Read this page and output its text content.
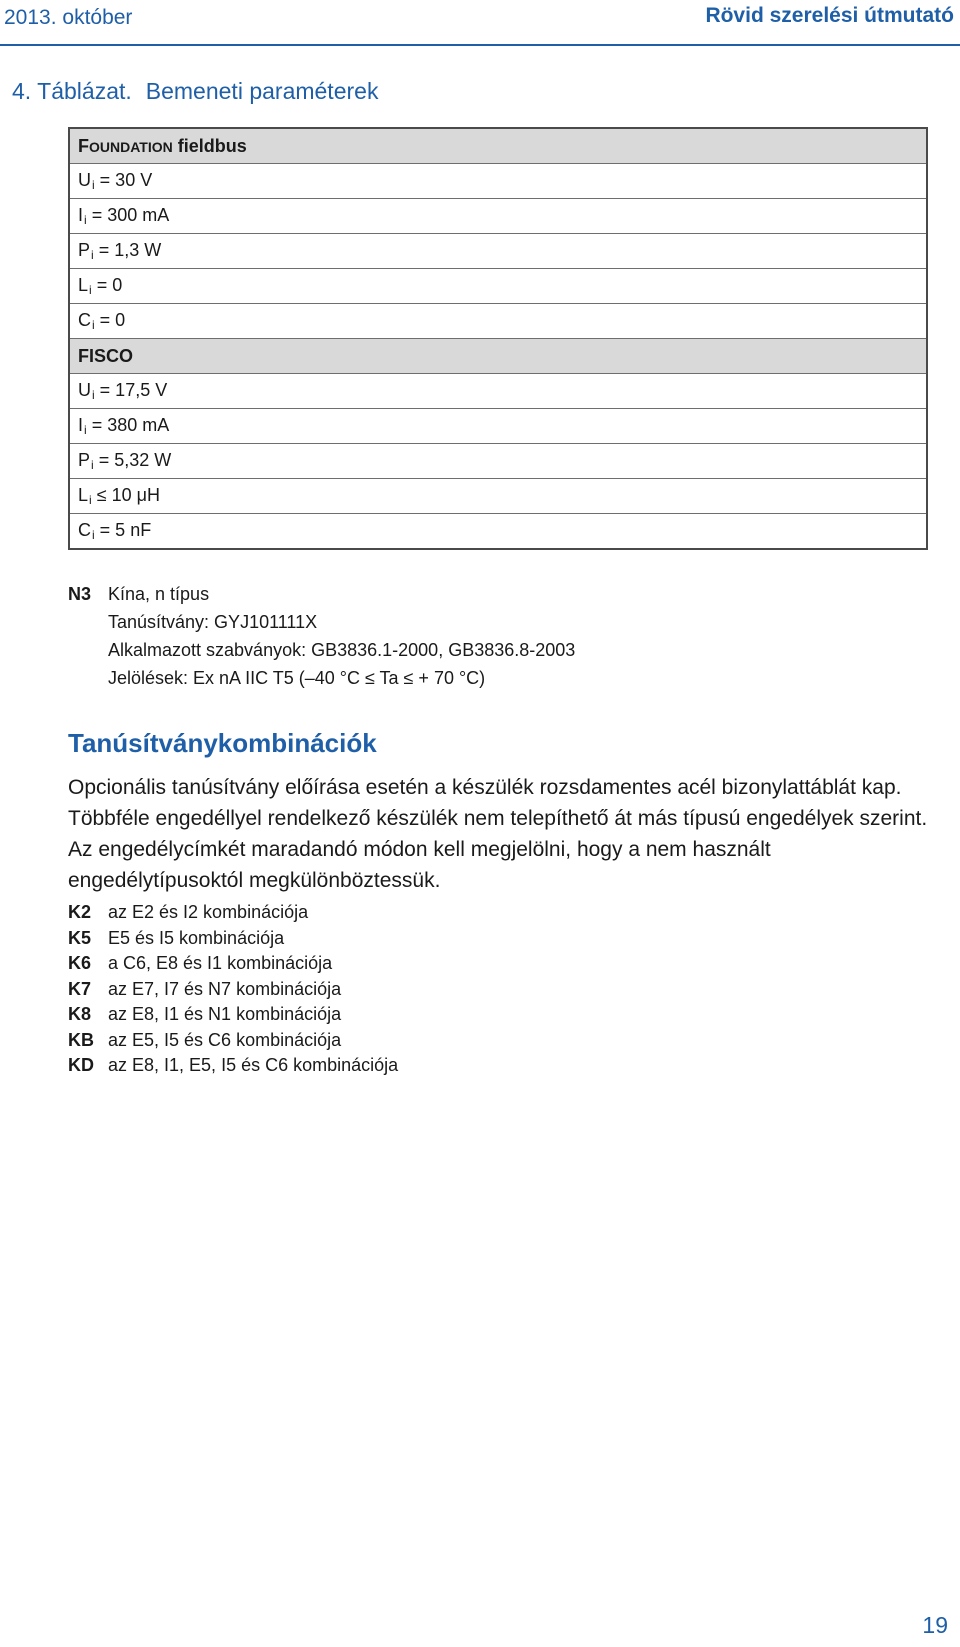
2013. október	Rövid szerelési útmutató
4. Táblázat. Bemeneti paraméterek
FOUNDATION fieldbus
$U_i = 30$ V
$I_i = 300$ mA
$P_i = 1,3$ W
$L_i = 0$
$C_i = 0$
FISCO
$U_i = 17,5$ V
$I_i = 380$ mA
$P_i = 5,32$ W
$L_i \le 10$ μH
$C_i = 5$ nF
N3 Kína, n típus
Tanúsítvány: GYJ101111X
Alkalmazott szabványok: GB3836.1-2000, GB3836.8-2003
Jelölések: Ex nA IIC T5 (–40 °C ≤ Ta ≤ + 70 °C)
Tanúsítványkombinációk
Opcionális tanúsítvány előírása esetén a készülék rozsdamentes acél bizonylattáblát kap. Többféle engedéllyel rendelkező készülék nem telepíthető át más típusú engedélyek szerint. Az engedélycímkét maradandó módon kell megjelölni, hogy a nem használt engedélytípusoktól megkülönböztessük.
K2 az E2 és I2 kombinációja
K5 E5 és I5 kombinációja
K6 a C6, E8 és I1 kombinációja
K7 az E7, I7 és N7 kombinációja
K8 az E8, I1 és N1 kombinációja
KB az E5, I5 és C6 kombinációja
KD az E8, I1, E5, I5 és C6 kombinációja
19
